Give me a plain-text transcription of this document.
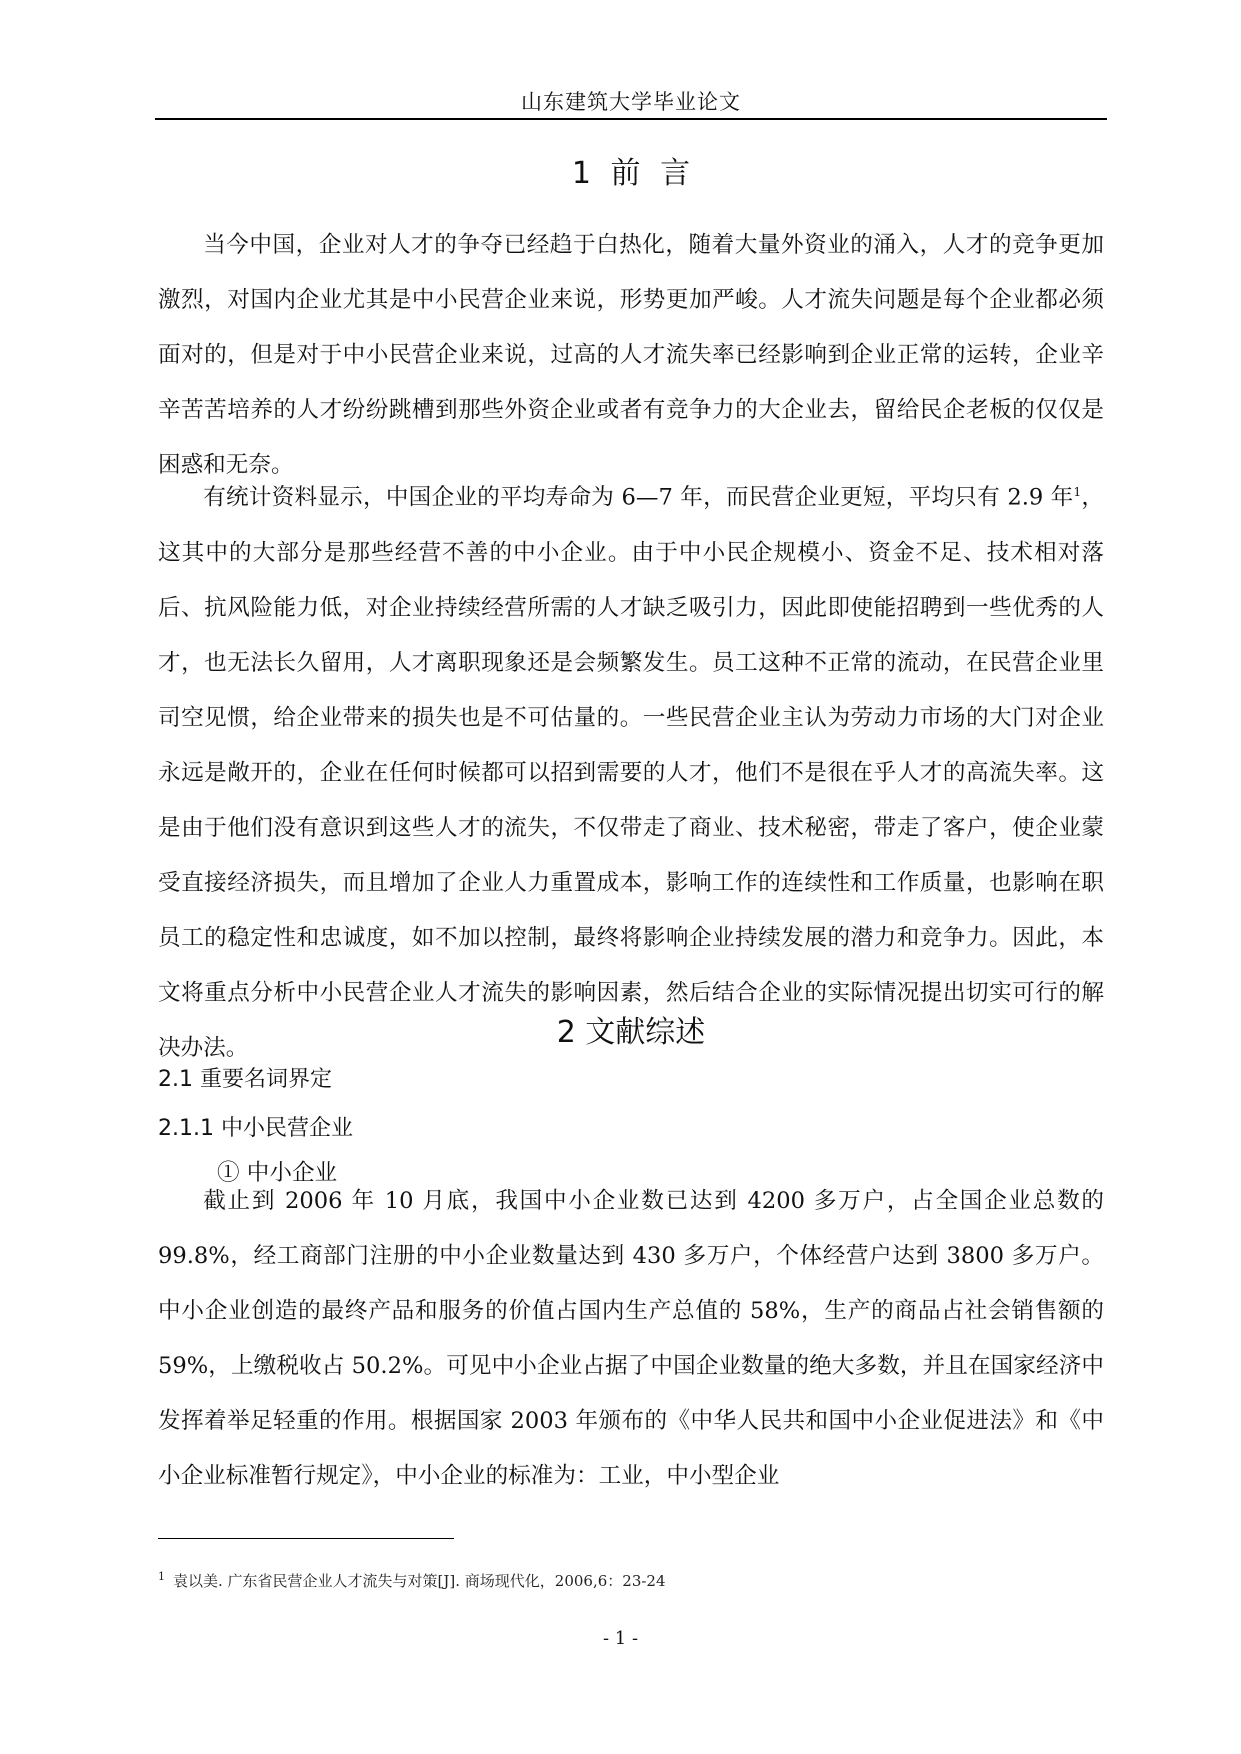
山东建筑大学毕业论文
1 前 言

当今中国，企业对人才的争夺已经趋于白热化，随着大量外资业的涌入，人才的竞争更加激烈，对国内企业尤其是中小民营企业来说，形势更加严峻。人才流失问题是每个企业都必须面对的，但是对于中小民营企业来说，过高的人才流失率已经影响到企业正常的运转，企业辛辛苦苦培养的人才纷纷跳槽到那些外资企业或者有竞争力的大企业去，留给民企老板的仅仅是困惑和无奈。

有统计资料显示，中国企业的平均寿命为 6—7 年，而民营企业更短，平均只有 2.9 年$^1$，这其中的大部分是那些经营不善的中小企业。由于中小民企规模小、资金不足、技术相对落后、抗风险能力低，对企业持续经营所需的人才缺乏吸引力，因此即使能招聘到一些优秀的人才，也无法长久留用，人才离职现象还是会频繁发生。员工这种不正常的流动，在民营企业里司空见惯，给企业带来的损失也是不可估量的。一些民营企业主认为劳动力市场的大门对企业永远是敞开的，企业在任何时候都可以招到需要的人才，他们不是很在乎人才的高流失率。这是由于他们没有意识到这些人才的流失，不仅带走了商业、技术秘密，带走了客户，使企业蒙受直接经济损失，而且增加了企业人力重置成本，影响工作的连续性和工作质量，也影响在职员工的稳定性和忠诚度，如不加以控制，最终将影响企业持续发展的潜力和竞争力。因此，本文将重点分析中小民营企业人才流失的影响因素，然后结合企业的实际情况提出切实可行的解决办法。	2 文献综述
2.1 重要名词界定
2.1.1 中小民营企业
① 中小企业

截止到 2006 年 10 月底，我国中小企业数已达到 4200 多万户，占全国企业总数的 99.8%，经工商部门注册的中小企业数量达到 430 多万户，个体经营户达到 3800 多万户。中小企业创造的最终产品和服务的价值占国内生产总值的 58%，生产的商品占社会销售额的 59%，上缴税收占 50.2%。可见中小企业占据了中国企业数量的绝大多数，并且在国家经济中发挥着举足轻重的作用。根据国家 2003 年颁布的《中华人民共和国中小企业促进法》和《中小企业标准暂行规定》，中小企业的标准为：工业，中小型企业

$^1$ 袁以美. 广东省民营企业人才流失与对策[J]. 商场现代化，2006,6：23-24
- 1 -
